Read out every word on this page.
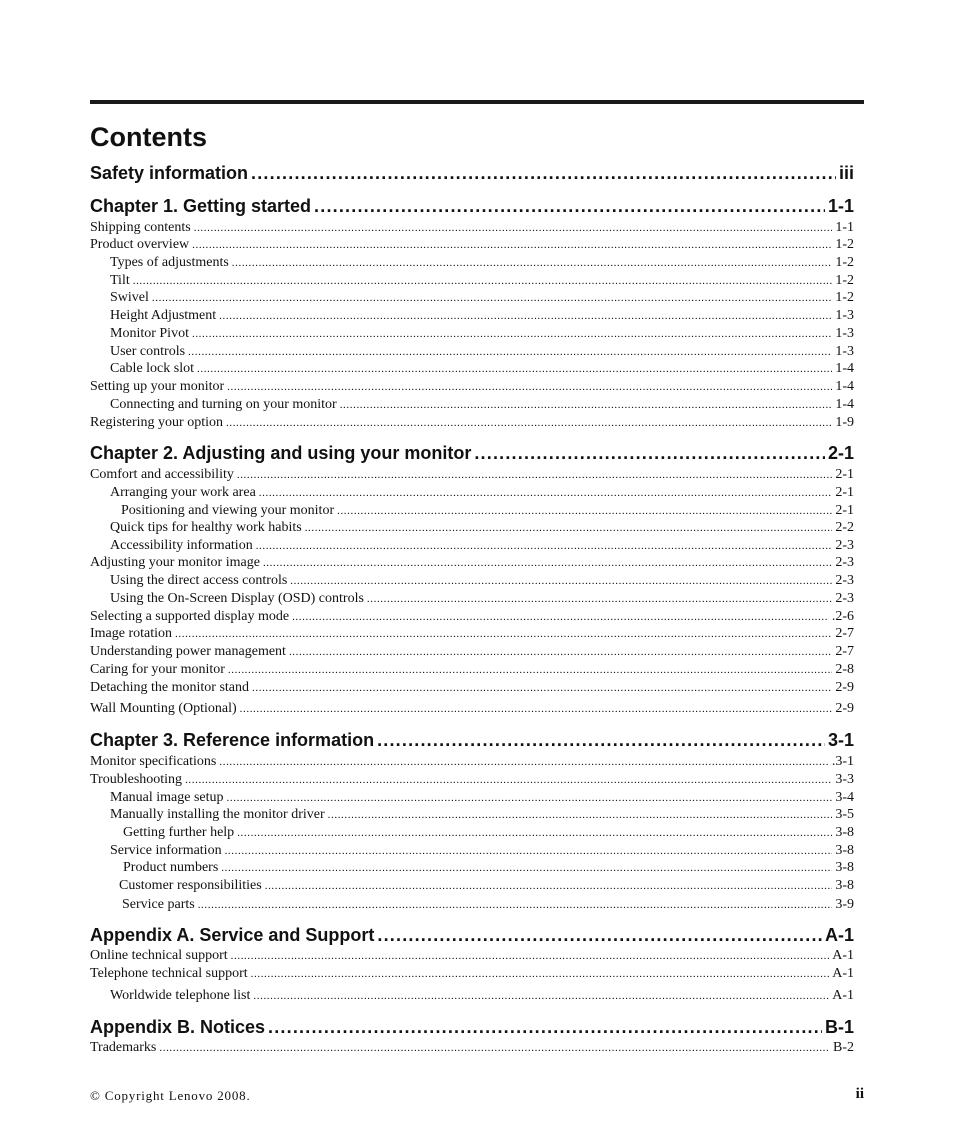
Contents
Safety information .....	iii
Chapter 1. Getting started .....	1-1
Shipping contents .....	1-1
Product overview .....	1-2
Types of adjustments .....	1-2
Tilt .....	1-2
Swivel .....	1-2
Height Adjustment .....	1-3
Monitor Pivot .....	1-3
User controls .....	1-3
Cable lock slot .....	1-4
Setting up your monitor .....	1-4
Connecting and turning on your monitor .....	1-4
Registering your option .....	1-9
Chapter 2. Adjusting and using your monitor .....	2-1
Comfort and accessibility .....	2-1
Arranging your work area .....	2-1
Positioning and viewing your monitor .....	2-1
Quick tips for healthy work habits .....	2-2
Accessibility information .....	2-3
Adjusting your monitor image .....	2-3
Using the direct access controls .....	2-3
Using the On-Screen Display (OSD) controls .....	2-3
Selecting a supported display mode .....	.2-6
Image rotation .....	2-7
Understanding power management .....	2-7
Caring for your monitor .....	2-8
Detaching the monitor stand .....	2-9
Wall Mounting (Optional) .....	2-9
Chapter 3. Reference information .....	3-1
Monitor specifications .....	.3-1
Troubleshooting .....	3-3
Manual image setup .....	3-4
Manually installing the monitor driver .....	3-5
Getting further help .....	3-8
Service information .....	3-8
Product numbers .....	3-8
Customer responsibilities .....	3-8
Service parts .....	3-9
Appendix A. Service and Support .....	A-1
Online technical support .....	A-1
Telephone technical support .....	A-1
Worldwide telephone list .....	A-1
Appendix B. Notices .....	B-1
Trademarks .....	B-2
© Copyright Lenovo 2008.	ii
